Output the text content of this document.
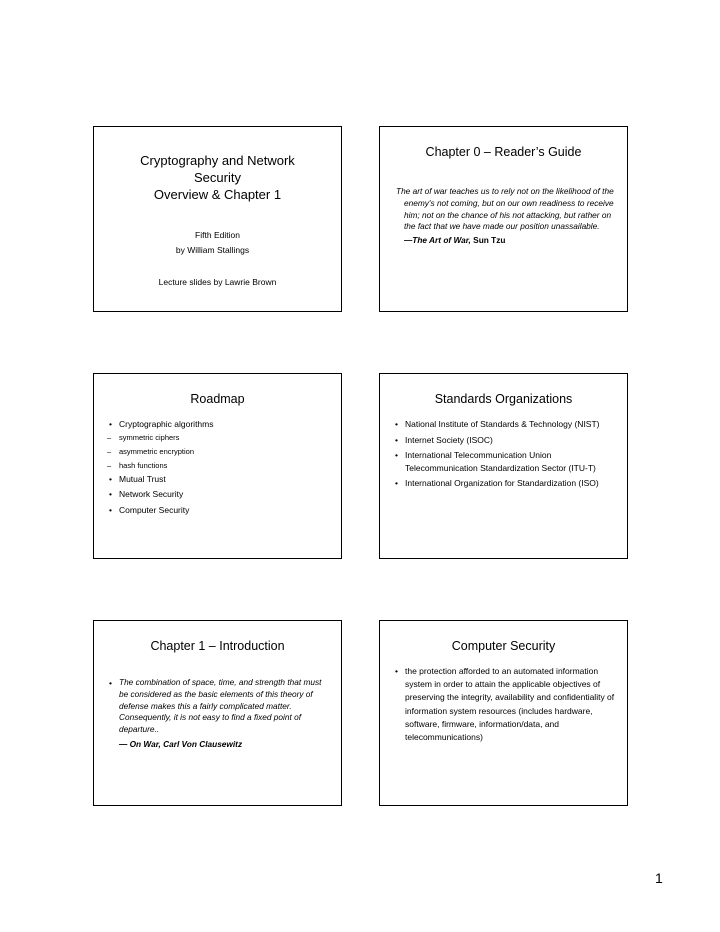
Cryptography and Network
Security
Overview & Chapter 1
Fifth Edition
by William Stallings
Lecture slides by Lawrie Brown
Chapter 0 – Reader’s Guide
The art of war teaches us to rely not on the likelihood of the enemy's not coming, but on our own readiness to receive him; not on the chance of his not attacking, but rather on the fact that we have made our position unassailable.
—The Art of War, Sun Tzu
Roadmap
• Cryptographic algorithms
– symmetric ciphers
– asymmetric encryption
– hash functions
• Mutual Trust
• Network Security
• Computer Security
Standards Organizations
• National Institute of Standards & Technology (NIST)
• Internet Society (ISOC)
• International Telecommunication Union Telecommunication Standardization Sector (ITU-T)
• International Organization for Standardization (ISO)
Chapter 1 – Introduction
• The combination of space, time, and strength that must be considered as the basic elements of this theory of defense makes this a fairly complicated matter. Consequently, it is not easy to find a fixed point of departure..
— On War, Carl Von Clausewitz
Computer Security
• the protection afforded to an automated information system in order to attain the applicable objectives of preserving the integrity, availability and confidentiality of information system resources (includes hardware, software, firmware, information/data, and telecommunications)
1
